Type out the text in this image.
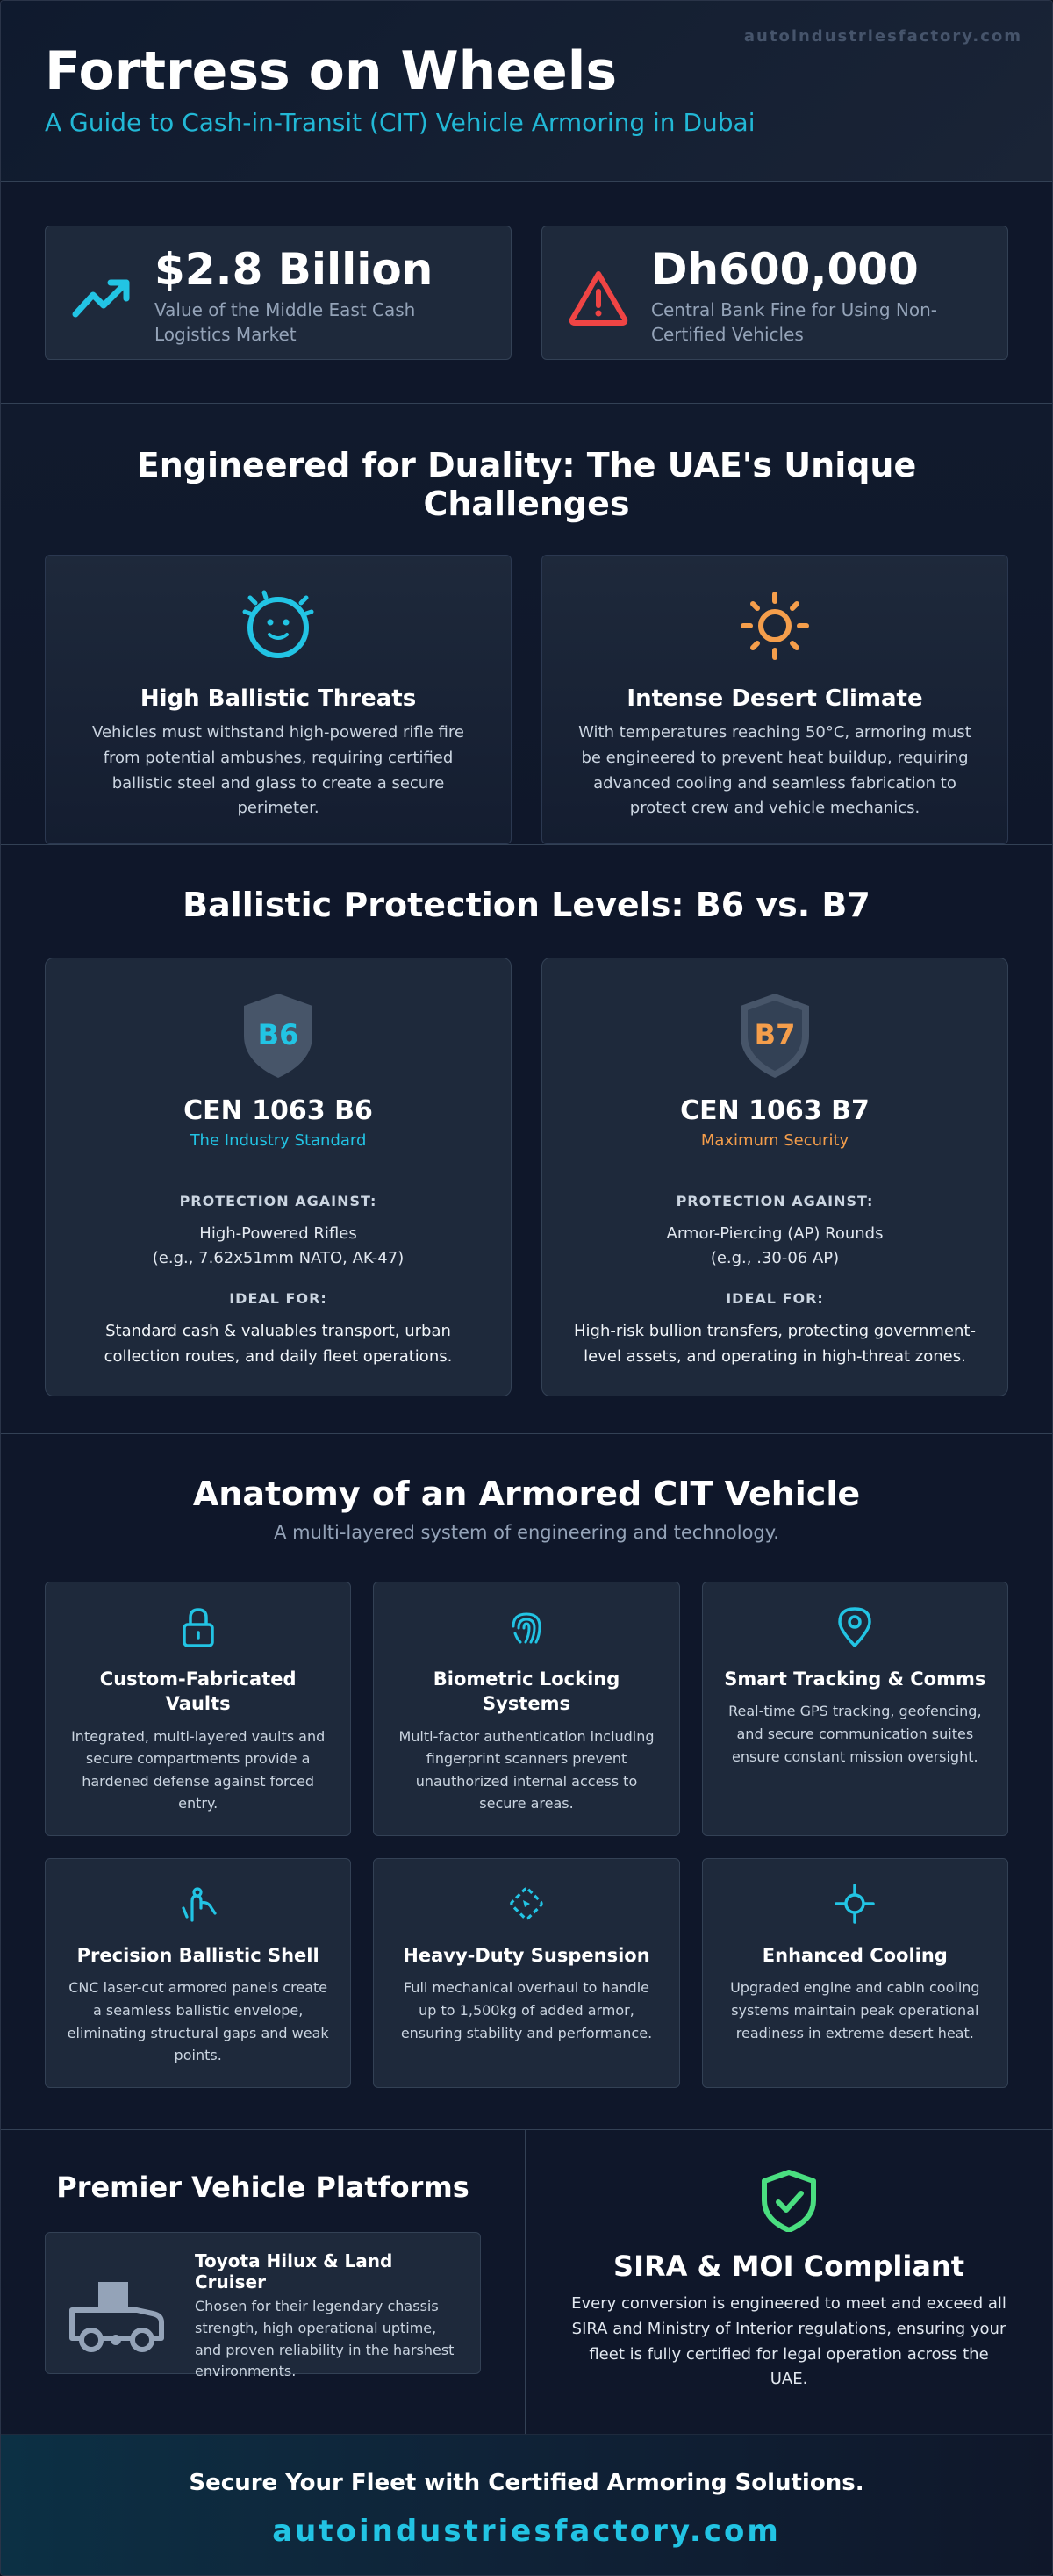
autoindustriesfactory.com
Fortress on Wheels
A Guide to Cash-in-Transit (CIT) Vehicle Armoring in Dubai
$2.8 Billion
Value of the Middle East Cash Logistics Market
Dh600,000
Central Bank Fine for Using Non-Certified Vehicles
Engineered for Duality: The UAE's Unique Challenges
High Ballistic Threats
Vehicles must withstand high-powered rifle fire from potential ambushes, requiring certified ballistic steel and glass to create a secure perimeter.
Intense Desert Climate
With temperatures reaching 50°C, armoring must be engineered to prevent heat buildup, requiring advanced cooling and seamless fabrication to protect crew and vehicle mechanics.
Ballistic Protection Levels: B6 vs. B7
B6
CEN 1063 B6
The Industry Standard
PROTECTION AGAINST:
High-Powered Rifles
(e.g., 7.62x51mm NATO, AK-47)
IDEAL FOR:
Standard cash & valuables transport, urban collection routes, and daily fleet operations.
B7
CEN 1063 B7
Maximum Security
PROTECTION AGAINST:
Armor-Piercing (AP) Rounds
(e.g., .30-06 AP)
IDEAL FOR:
High-risk bullion transfers, protecting government-level assets, and operating in high-threat zones.
Anatomy of an Armored CIT Vehicle
A multi-layered system of engineering and technology.
Custom-Fabricated Vaults
Integrated, multi-layered vaults and secure compartments provide a hardened defense against forced entry.
Biometric Locking Systems
Multi-factor authentication including fingerprint scanners prevent unauthorized internal access to secure areas.
Smart Tracking & Comms
Real-time GPS tracking, geofencing, and secure communication suites ensure constant mission oversight.
Precision Ballistic Shell
CNC laser-cut armored panels create a seamless ballistic envelope, eliminating structural gaps and weak points.
Heavy-Duty Suspension
Full mechanical overhaul to handle up to 1,500kg of added armor, ensuring stability and performance.
Enhanced Cooling
Upgraded engine and cabin cooling systems maintain peak operational readiness in extreme desert heat.
Premier Vehicle Platforms
Toyota Hilux & Land Cruiser
Chosen for their legendary chassis strength, high operational uptime, and proven reliability in the harshest environments.
SIRA & MOI Compliant
Every conversion is engineered to meet and exceed all SIRA and Ministry of Interior regulations, ensuring your fleet is fully certified for legal operation across the UAE.
Secure Your Fleet with Certified Armoring Solutions.
autoindustriesfactory.com
